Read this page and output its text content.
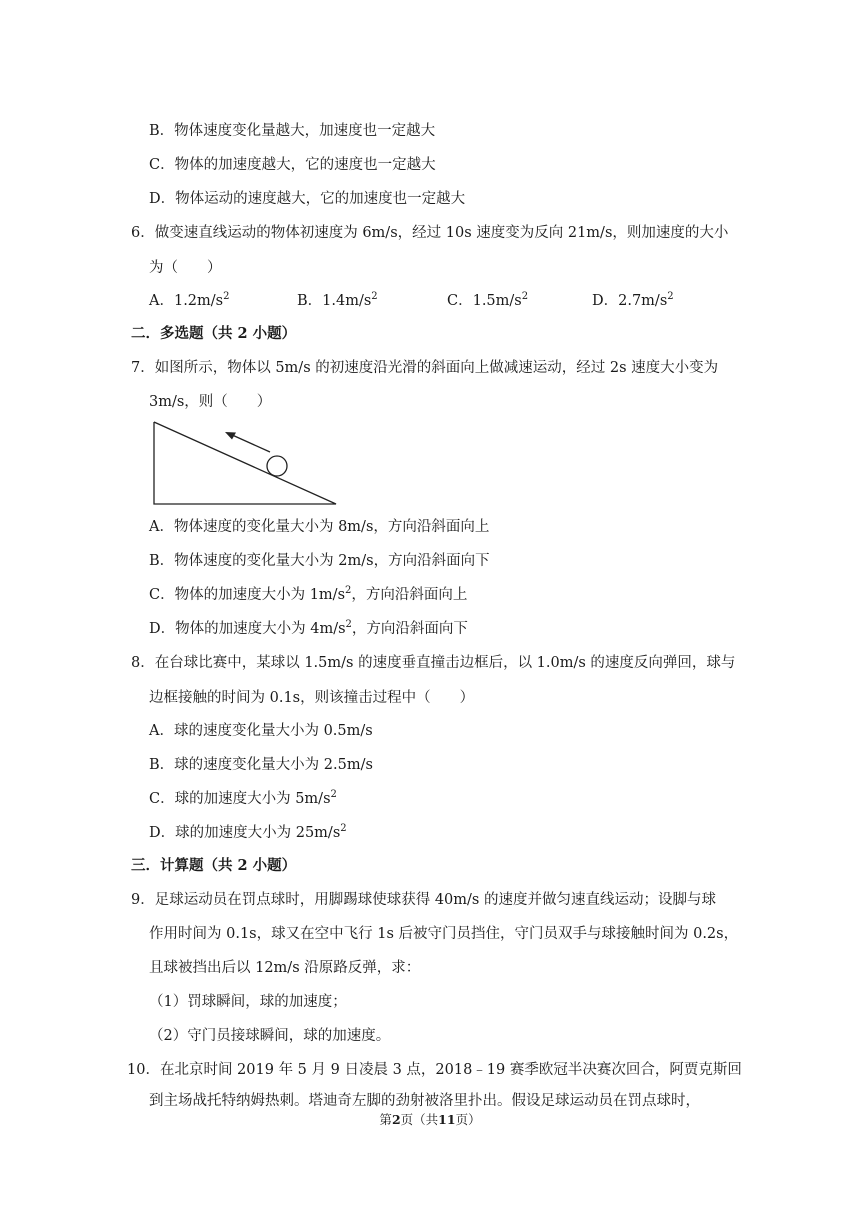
B．物体速度变化量越大，加速度也一定越大
C．物体的加速度越大，它的速度也一定越大
D．物体运动的速度越大，它的加速度也一定越大
6．做变速直线运动的物体初速度为 6m/s，经过 10s 速度变为反向 21m/s，则加速度的大小
为（　　）
A．$1.2m/s^2$	B．$1.4m/s^2$	C．$1.5m/s^2$	D．$2.7m/s^2$
二．多选题（共 2 小题）
7．如图所示，物体以 5m/s 的初速度沿光滑的斜面向上做减速运动，经过 2s 速度大小变为
3m/s，则（　　）
A．物体速度的变化量大小为 8m/s，方向沿斜面向上
B．物体速度的变化量大小为 2m/s，方向沿斜面向下
C．物体的加速度大小为 $1m/s^2$，方向沿斜面向上
D．物体的加速度大小为 $4m/s^2$，方向沿斜面向下
8．在台球比赛中，某球以 1.5m/s 的速度垂直撞击边框后，以 1.0m/s 的速度反向弹回，球与
边框接触的时间为 0.1s，则该撞击过程中（　　）
A．球的速度变化量大小为 0.5m/s
B．球的速度变化量大小为 2.5m/s
C．球的加速度大小为 $5m/s^2$
D．球的加速度大小为 $25m/s^2$
三．计算题（共 2 小题）
9．足球运动员在罚点球时，用脚踢球使球获得 40m/s 的速度并做匀速直线运动；设脚与球
作用时间为 0.1s，球又在空中飞行 1s 后被守门员挡住，守门员双手与球接触时间为 0.2s，
且球被挡出后以 12m/s 沿原路反弹，求：
（1）罚球瞬间，球的加速度；
（2）守门员接球瞬间，球的加速度。
10．在北京时间 2019 年 5 月 9 日凌晨 3 点，2018﹣19 赛季欧冠半决赛次回合，阿贾克斯回
到主场战托特纳姆热刺。塔迪奇左脚的劲射被洛里扑出。假设足球运动员在罚点球时，
第2页（共11页）
